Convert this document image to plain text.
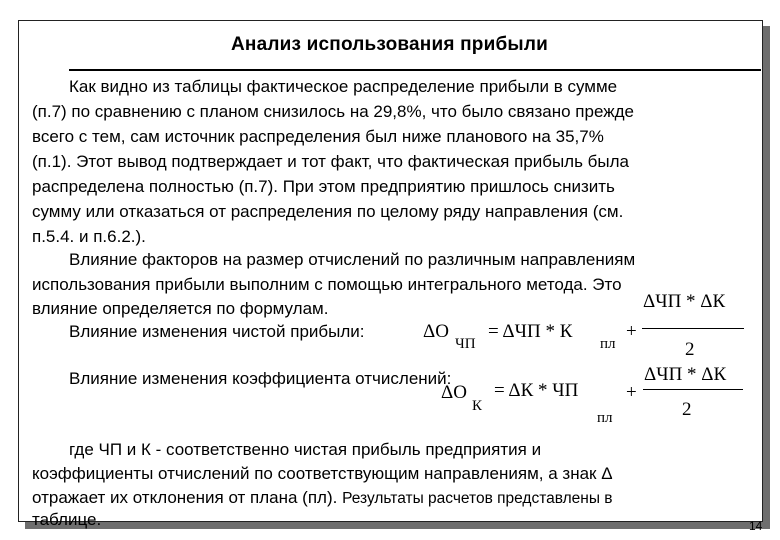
Анализ использования прибыли
Как видно из таблицы фактическое распределение прибыли в сумме
(п.7) по сравнению с планом снизилось на 29,8%, что было связано прежде
всего с тем, сам источник распределения был ниже планового на 35,7%
(п.1). Этот вывод подтверждает и тот факт, что фактическая прибыль была
распределена полностью (п.7). При этом предприятию пришлось снизить
сумму или отказаться от распределения по целому ряду направления (см.
п.5.4. и п.6.2.).
Влияние факторов на размер отчислений по различным направлениям
использования прибыли выполним с помощью интегрального метода. Это
влияние определяется по формулам.
Влияние изменения чистой прибыли:
ΔЧП * ΔК
ΔО
ЧП
= ΔЧП * К
пл
+
2
Влияние изменения коэффициента отчислений:	ΔЧП * ΔК
ΔО
К
= ΔК * ЧП
пл
+
2
где ЧП и К - соответственно чистая прибыль предприятия и
коэффициенты отчислений по соответствующим направлениям, а знак Δ
отражает их отклонения от плана (пл). Результаты расчетов представлены в
таблице.	14
